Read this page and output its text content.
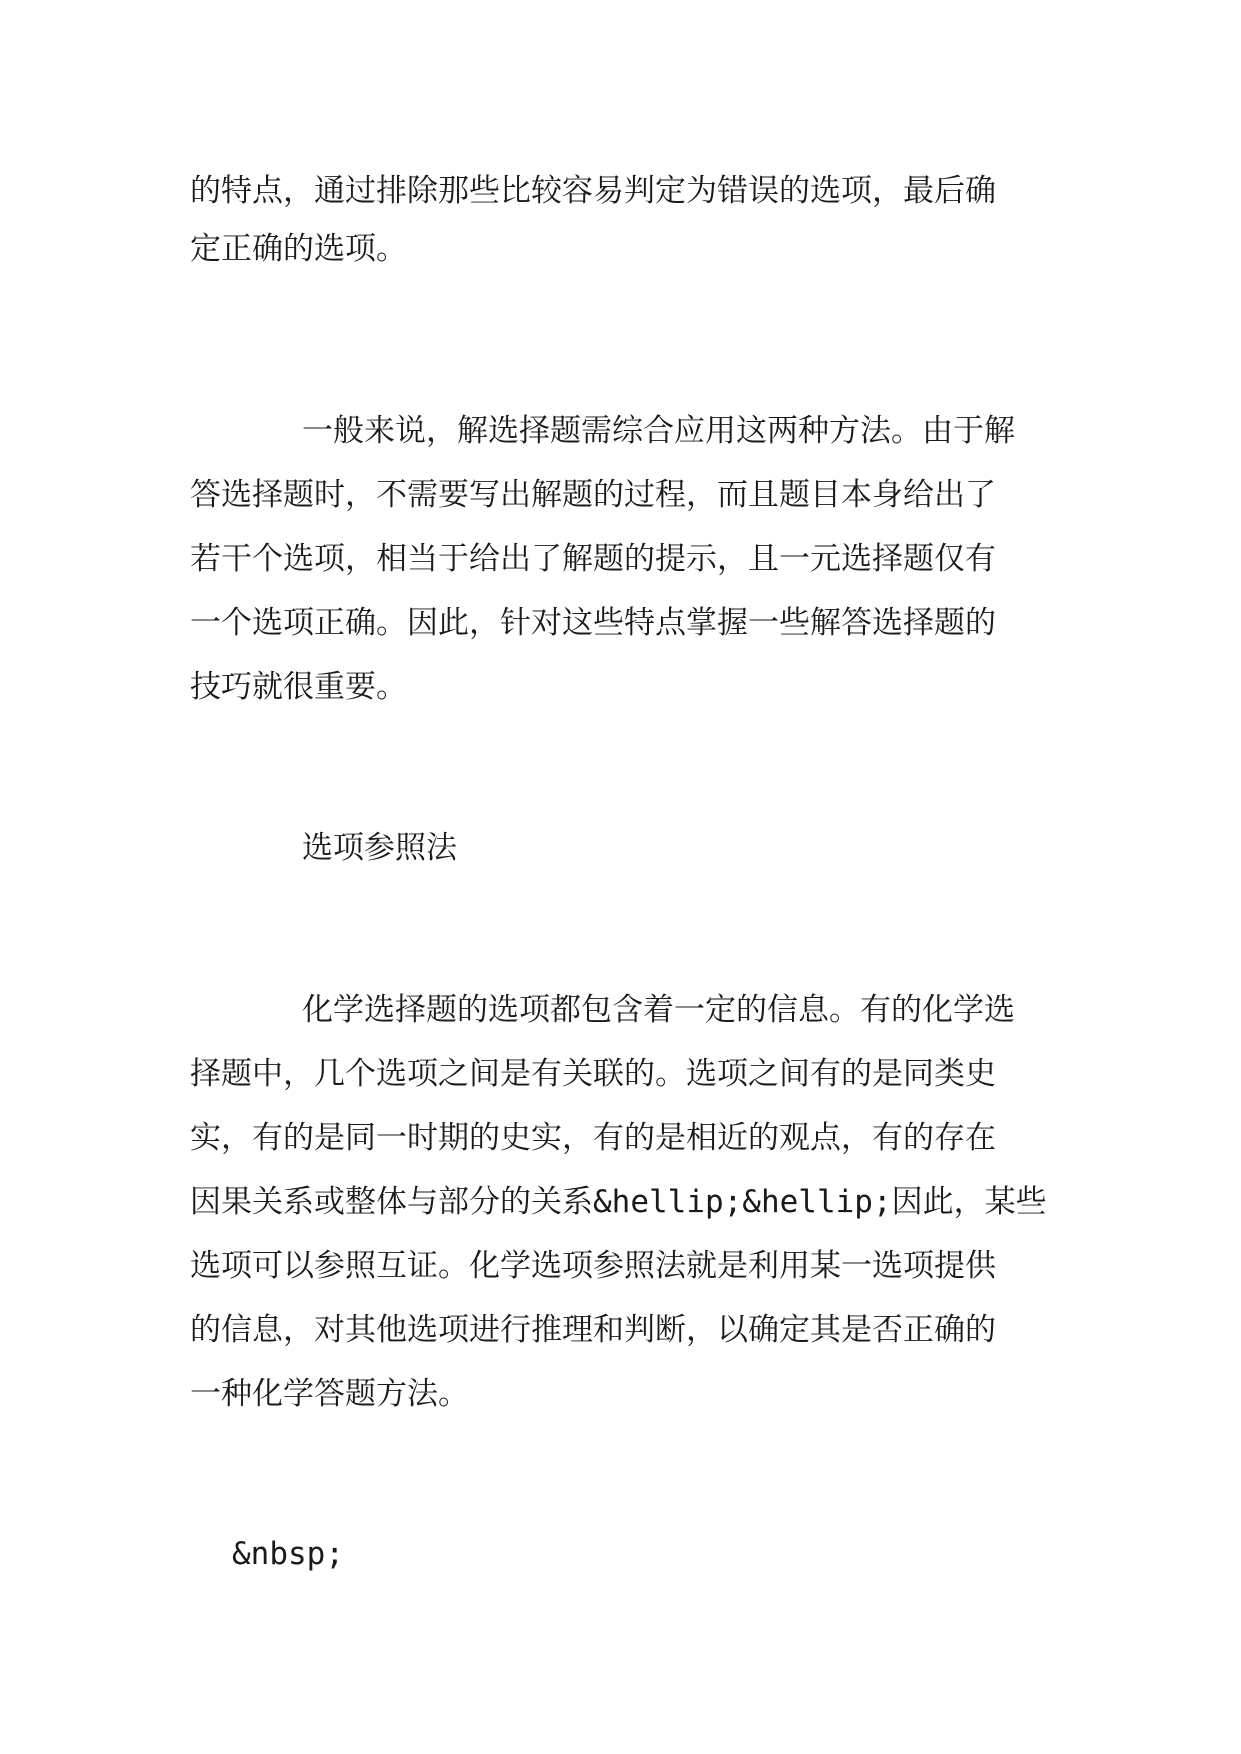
的特点，通过排除那些比较容易判定为错误的选项，最后确
定正确的选项。
一般来说，解选择题需综合应用这两种方法。由于解
答选择题时，不需要写出解题的过程，而且题目本身给出了
若干个选项，相当于给出了解题的提示，且一元选择题仅有
一个选项正确。因此，针对这些特点掌握一些解答选择题的
技巧就很重要。
选项参照法
化学选择题的选项都包含着一定的信息。有的化学选
择题中，几个选项之间是有关联的。选项之间有的是同类史
实，有的是同一时期的史实，有的是相近的观点，有的存在
因果关系或整体与部分的关系&hellip;&hellip;因此，某些
选项可以参照互证。化学选项参照法就是利用某一选项提供
的信息，对其他选项进行推理和判断，以确定其是否正确的
一种化学答题方法。
&nbsp;
